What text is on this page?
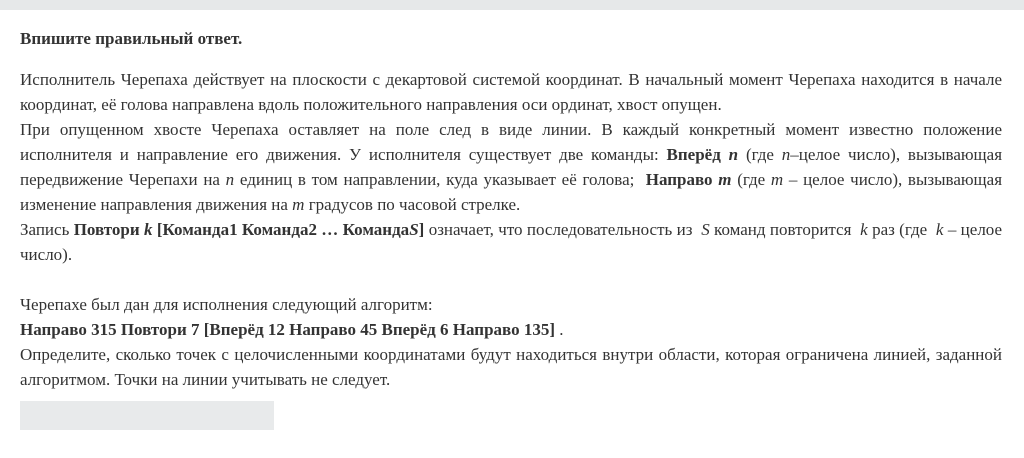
Впишите правильный ответ.

Исполнитель Черепаха действует на плоскости с декартовой системой координат. В начальный момент Черепаха находится в начале координат, её голова направлена вдоль положительного направления оси ординат, хвост опущен.

При опущенном хвосте Черепаха оставляет на поле след в виде линии. В каждый конкретный момент известно положение исполнителя и направление его движения. У исполнителя существует две команды: Вперёд n (где n–целое число), вызывающая передвижение Черепахи на n единиц в том направлении, куда указывает её голова;  Направо m (где m – целое число), вызывающая изменение направления движения на m градусов по часовой стрелке.

Запись Повтори k [Команда1 Команда2 … КомандаS] означает, что последовательность из  S команд повторится  k раз (где  k – целое число).

Черепахе был дан для исполнения следующий алгоритм:

Направо 315 Повтори 7 [Вперёд 12 Направо 45 Вперёд 6 Направо 135] .

Определите, сколько точек с целочисленными координатами будут находиться внутри области, которая ограничена линией, заданной алгоритмом. Точки на линии учитывать не следует.
